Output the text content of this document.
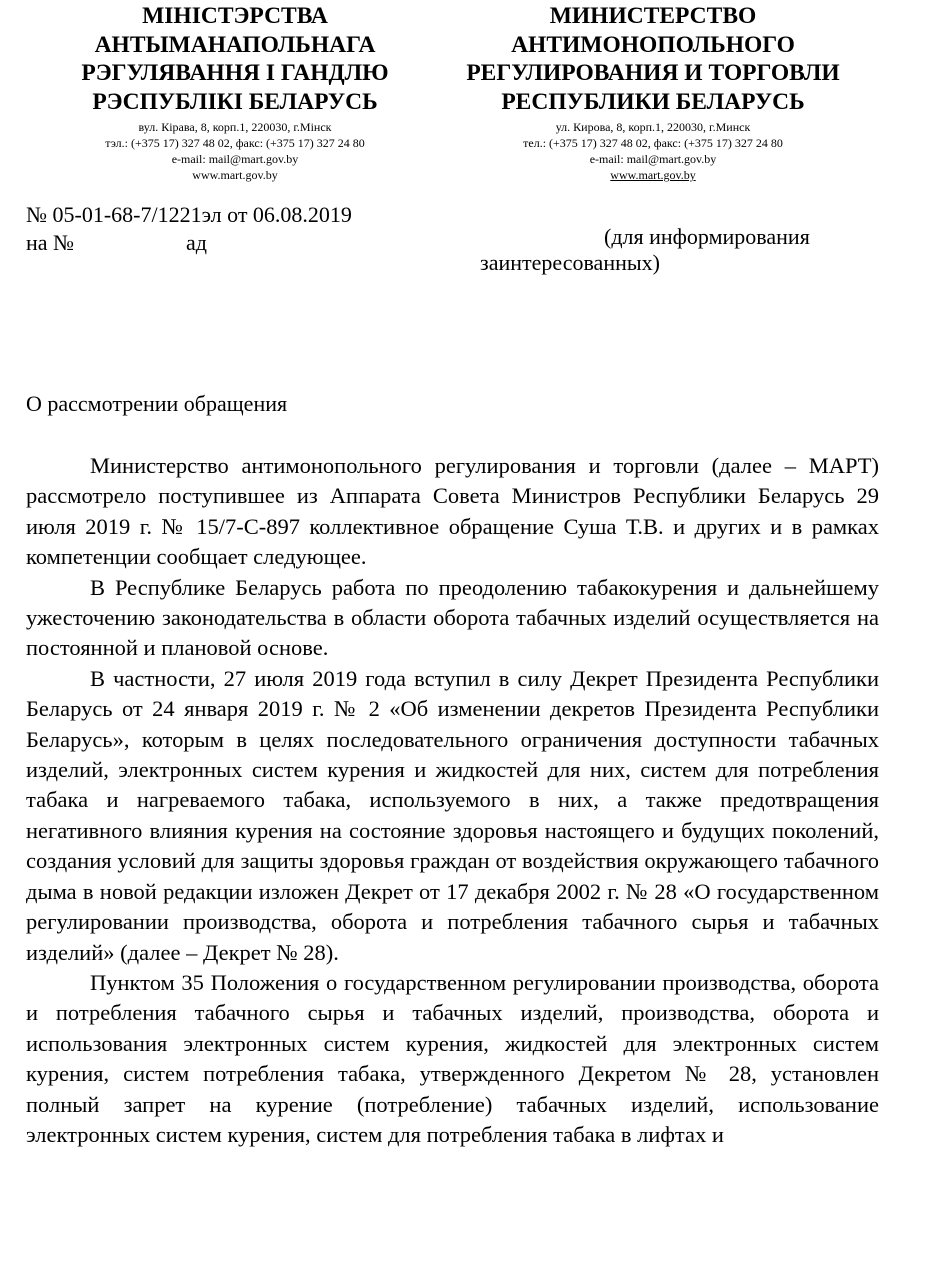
МІНІСТЭРСТВА
АНТЫМАНАПОЛЬНАГА
РЭГУЛЯВАННЯ І ГАНДЛЮ
РЭСПУБЛІКІ БЕЛАРУСЬ
вул. Кірава, 8, корп.1, 220030, г.Мінск
тэл.: (+375 17) 327 48 02, факс: (+375 17) 327 24 80
e-mail: mail@mart.gov.by
www.mart.gov.by
МИНИСТЕРСТВО
АНТИМОНОПОЛЬНОГО
РЕГУЛИРОВАНИЯ И ТОРГОВЛИ
РЕСПУБЛИКИ БЕЛАРУСЬ
ул. Кирова, 8, корп.1, 220030, г.Минск
тел.: (+375 17) 327 48 02, факс: (+375 17) 327 24 80
e-mail: mail@mart.gov.by
www.mart.gov.by
№ 05-01-68-7/1221эл от 06.08.2019
на №	ад	(для информирования
заинтересованных)
О рассмотрении обращения

Министерство антимонопольного регулирования и торговли (далее – МАРТ) рассмотрело поступившее из Аппарата Совета Министров Республики Беларусь 29 июля 2019 г. № 15/7-С-897 коллективное обращение Суша Т.В. и других и в рамках компетенции сообщает следующее.

В Республике Беларусь работа по преодолению табакокурения и дальнейшему ужесточению законодательства в области оборота табачных изделий осуществляется на постоянной и плановой основе.

В частности, 27 июля 2019 года вступил в силу Декрет Президента Республики Беларусь от 24 января 2019 г. № 2 «Об изменении декретов Президента Республики Беларусь», которым в целях последовательного ограничения доступности табачных изделий, электронных систем курения и жидкостей для них, систем для потребления табака и нагреваемого табака, используемого в них, а также предотвращения негативного влияния курения на состояние здоровья настоящего и будущих поколений, создания условий для защиты здоровья граждан от воздействия окружающего табачного дыма в новой редакции изложен Декрет от 17 декабря 2002 г. № 28 «О государственном регулировании производства, оборота и потребления табачного сырья и табачных изделий» (далее – Декрет № 28).

Пунктом 35 Положения о государственном регулировании производства, оборота и потребления табачного сырья и табачных изделий, производства, оборота и использования электронных систем курения, жидкостей для электронных систем курения, систем потребления табака, утвержденного Декретом № 28, установлен полный запрет на курение (потребление) табачных изделий, использование электронных систем курения, систем для потребления табака в лифтах и
